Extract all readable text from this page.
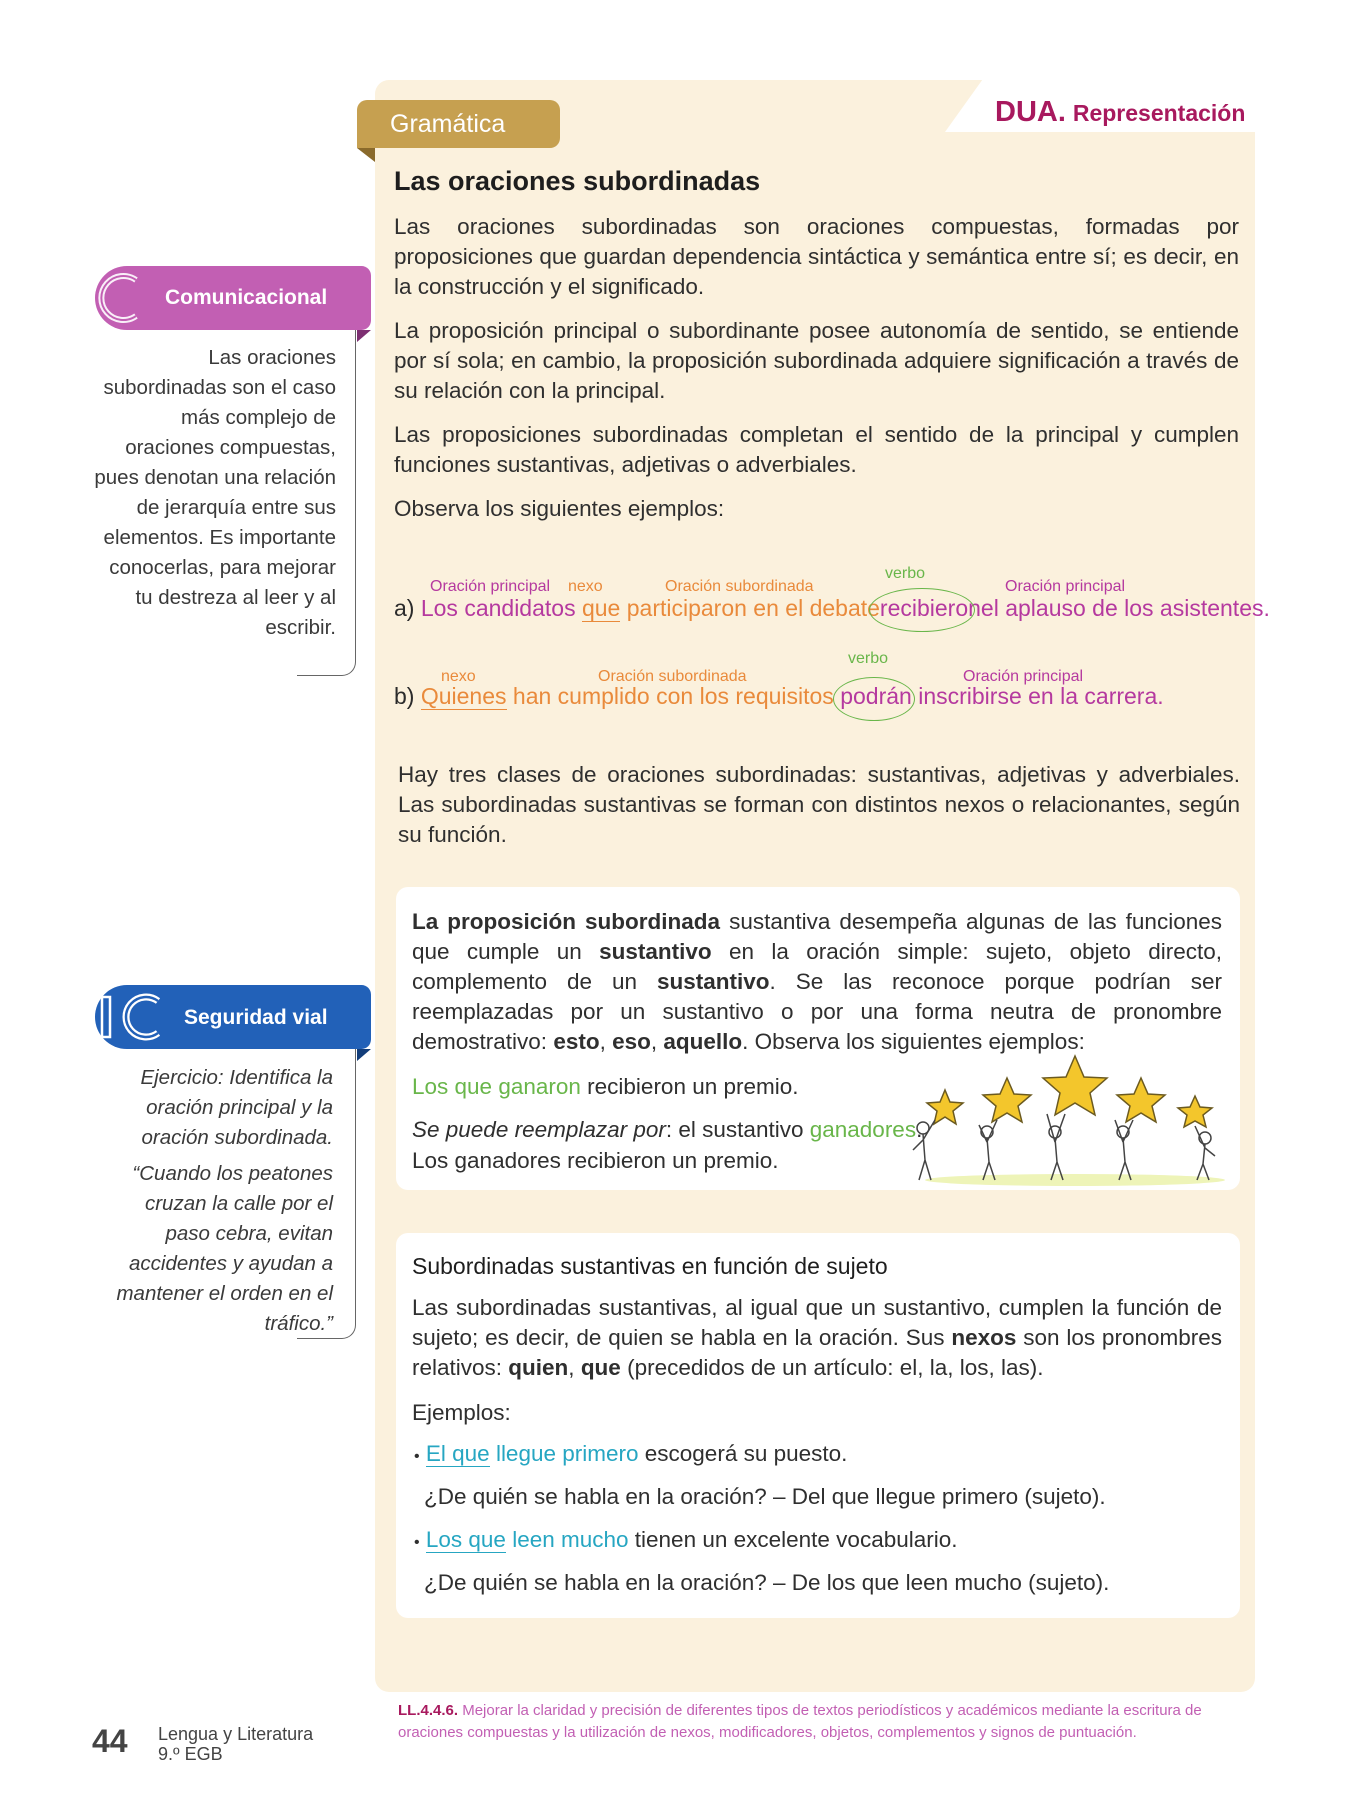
DUA. Representación
Gramática
Las oraciones subordinadas
Las oraciones subordinadas son oraciones compuestas, formadas por proposiciones que guardan dependencia sintáctica y semántica entre sí; es decir, en la construcción y el significado.
La proposición principal o subordinante posee autonomía de sentido, se entiende por sí sola; en cambio, la proposición subordinada adquiere significación a través de su relación con la principal.
Las proposiciones subordinadas completan el sentido de la principal y cumplen funciones sustantivas, adjetivas o adverbiales.
Observa los siguientes ejemplos:
Oración principal nexo	Oración subordinada
verbo
Oración principal
a) Los candidatos que participaron en el debaterecibieronel aplauso de los asistentes.
nexo	Oración subordinada
verbo
Oración principal
b) Quienes han cumplido con los requisitos podrán inscribirse en la carrera.
Hay tres clases de oraciones subordinadas: sustantivas, adjetivas y adverbiales. Las subordinadas sustantivas se forman con distintos nexos o relacionantes, según su función.
La proposición subordinada sustantiva desempeña algunas de las funciones que cumple un sustantivo en la oración simple: sujeto, objeto directo, complemento de un sustantivo. Se las reconoce porque podrían ser reemplazadas por un sustantivo o por una forma neutra de pronombre demostrativo: esto, eso, aquello. Observa los siguientes ejemplos:
Los que ganaron recibieron un premio.
Se puede reemplazar por: el sustantivo ganadores.
Los ganadores recibieron un premio.
Subordinadas sustantivas en función de sujeto
Las subordinadas sustantivas, al igual que un sustantivo, cumplen la función de sujeto; es decir, de quien se habla en la oración. Sus nexos son los pronombres relativos: quien, que (precedidos de un artículo: el, la, los, las).
Ejemplos:
• El que llegue primero escogerá su puesto.
¿De quién se habla en la oración? – Del que llegue primero (sujeto).
• Los que leen mucho tienen un excelente vocabulario.
¿De quién se habla en la oración? – De los que leen mucho (sujeto).
Comunicacional
Las oraciones subordinadas son el caso más complejo de oraciones compuestas, pues denotan una relación de jerarquía entre sus elementos. Es importante conocerlas, para mejorar tu destreza al leer y al escribir.
Seguridad vial
Ejercicio: Identifica la oración principal y la oración subordinada.
“Cuando los peatones cruzan la calle por el paso cebra, evitan accidentes y ayudan a mantener el orden en el tráfico.”
44 Lengua y Literatura
9.º EGB
LL.4.4.6. Mejorar la claridad y precisión de diferentes tipos de textos periodísticos y académicos mediante la escritura de oraciones compuestas y la utilización de nexos, modificadores, objetos, complementos y signos de puntuación.
